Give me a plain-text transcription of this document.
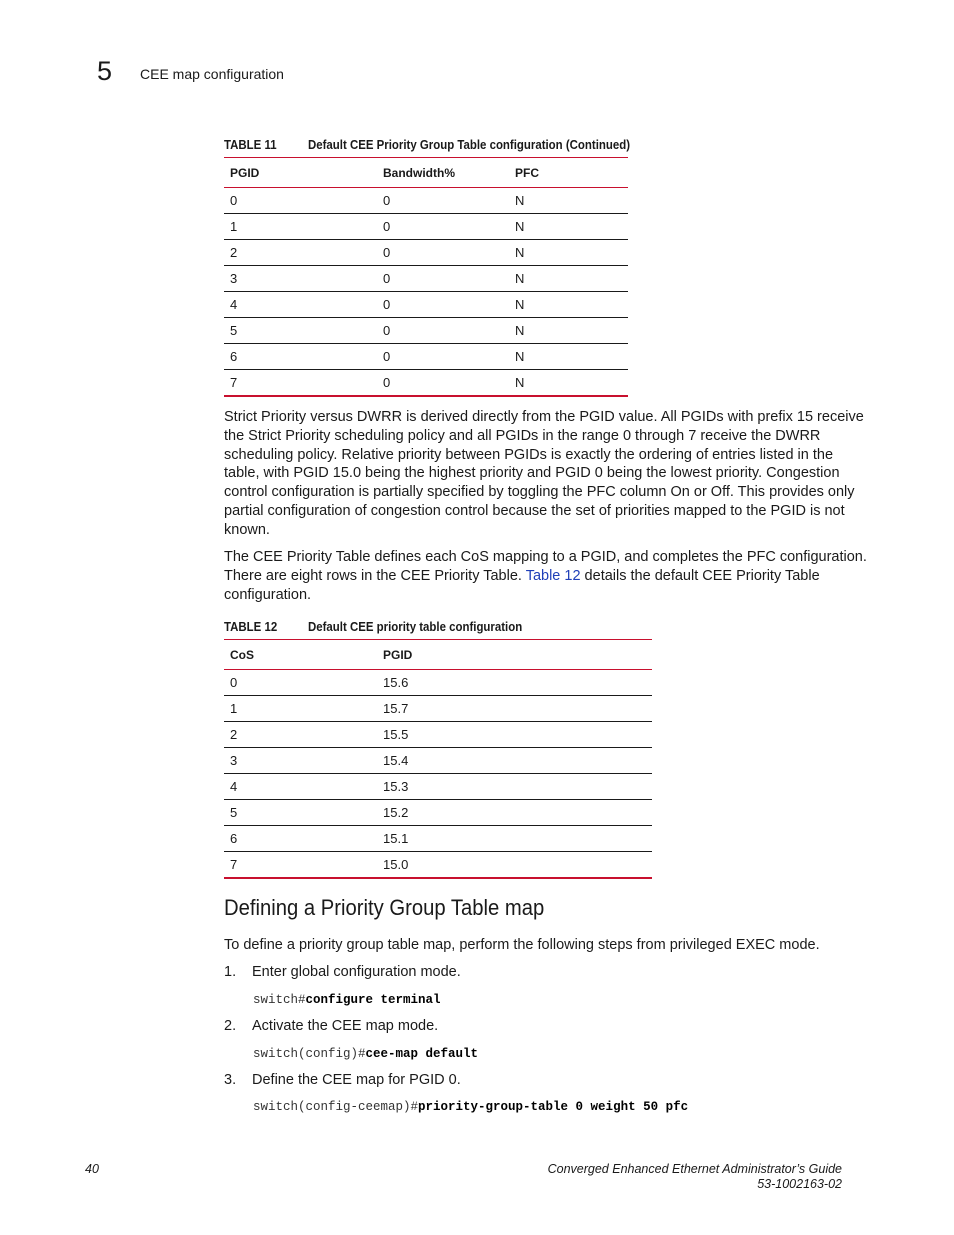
5 CEE map configuration
TABLE 11 Default CEE Priority Group Table configuration (Continued)
PGID	Bandwidth%	PFC
0	0	N
1	0	N
2	0	N
3	0	N
4	0	N
5	0	N
6	0	N
7	0	N
Strict Priority versus DWRR is derived directly from the PGID value. All PGIDs with prefix 15 receive the Strict Priority scheduling policy and all PGIDs in the range 0 through 7 receive the DWRR scheduling policy. Relative priority between PGIDs is exactly the ordering of entries listed in the table, with PGID 15.0 being the highest priority and PGID 0 being the lowest priority. Congestion control configuration is partially specified by toggling the PFC column On or Off. This provides only partial configuration of congestion control because the set of priorities mapped to the PGID is not known.
The CEE Priority Table defines each CoS mapping to a PGID, and completes the PFC configuration. There are eight rows in the CEE Priority Table. Table 12 details the default CEE Priority Table configuration.
TABLE 12 Default CEE priority table configuration
CoS	PGID
0	15.6
1	15.7
2	15.5
3	15.4
4	15.3
5	15.2
6	15.1
7	15.0
Defining a Priority Group Table map
To define a priority group table map, perform the following steps from privileged EXEC mode.
1. Enter global configuration mode.
switch#configure terminal
2. Activate the CEE map mode.
switch(config)#cee-map default
3. Define the CEE map for PGID 0.
switch(config-ceemap)#priority-group-table 0 weight 50 pfc
40	Converged Enhanced Ethernet Administrator’s Guide
53-1002163-02
